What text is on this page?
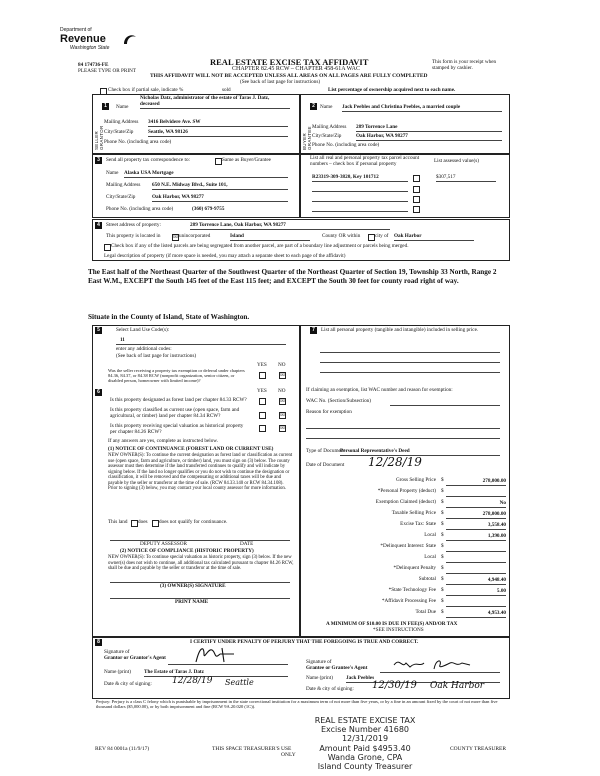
Department of
Revenue
Washington State
84 174736-FE
PLEASE TYPE OR PRINT
REAL ESTATE EXCISE TAX AFFIDAVIT
CHAPTER 82.45 RCW – CHAPTER 458-61A WAC
THIS AFFIDAVIT WILL NOT BE ACCEPTED UNLESS ALL AREAS ON ALL PAGES ARE FULLY COMPLETED
(See back of last page for instructions)
This form is your receipt when stamped by cashier.
Check box if partial sale, indicate %	sold	List percentage of ownership acquired next to each name.
1
SELLER GRANTOR
Name
Nicholas Datz, administrator of the estate of Taras J. Datz, deceased
Mailing Address 3416 Belvidere Ave. SW
City/State/Zip	Seattle, WA 98126
Phone No. (including area code)
2
BUYER GRANTEE
Name Jack Peebles and Christina Peebles, a married couple
Mailing Address 289 Torrence Lane
City/State/Zip	Oak Harbor, WA 98277
Phone No. (including area code)
3	Send all property tax correspondence to:	Same as Buyer/Grantee
Name Alaska USA Mortgage
Mailing Address 650 N.E. Midway Blvd., Suite 101,
City/State/Zip	Oak Harbor, WA 98277
Phone No. (including area code)	(360) 679-9755
List all real and personal property tax parcel account numbers – check box if personal property	List assessed value(s)
R23319-309-3820, Key 101712	$307,517
4	Street address of property:	289 Torrence Lane, Oak Harbor, WA 98277
This property is located in	☒ unincorporated	Island	County OR within	city of Oak Harbor
Check box if any of the listed parcels are being segregated from another parcel, are part of a boundary line adjustment or parcels being merged.
Legal description of property (if more space is needed, you may attach a separate sheet to each page of the affidavit)
The East half of the Northeast Quarter of the Southwest Quarter of the Northeast Quarter of Section 19, Township 33 North, Range 2 East W.M., EXCEPT the South 145 feet of the East 115 feet; and EXCEPT the South 30 feet for county road right of way.
Situate in the County of Island, State of Washington.
5	Select Land Use Code(s):
11
enter any additional codes:
(See back of last page for instructions)
YES NO
Was the seller receiving a property tax exemption or deferral under chapters 84.36, 84.37, or 84.38 RCW (nonprofit organization, senior citizen, or disabled person, homeowner with limited income)?
☒
6	YES NO
Is this property designated as forest land per chapter 84.33 RCW?	☒
Is this property classified as current use (open space, farm and agricultural, or timber) land per chapter 84.34 RCW?	☒
Is this property receiving special valuation as historical property per chapter 84.26 RCW?
☒
If any answers are yes, complete as instructed below.
(1) NOTICE OF CONTINUANCE (FOREST LAND OR CURRENT USE)
NEW OWNER(S): To continue the current designation as forest land or classification as current use (open space, farm and agriculture, or timber) land, you must sign on (3) below. The county assessor must then determine if the land transferred continues to qualify and will indicate by signing below. If the land no longer qualifies or you do not wish to continue the designation or classification, it will be removed and the compensating or additional taxes will be due and payable by the seller or transferor at the time of sale. (RCW 84.33.140 or RCW 84.34.108). Prior to signing (3) below, you may contact your local county assessor for more information.
This land does does not qualify for continuance.
DEPUTY ASSESSOR	DATE
(2) NOTICE OF COMPLIANCE (HISTORIC PROPERTY)
NEW OWNER(S): To continue special valuation as historic property, sign (3) below. If the new owner(s) does not wish to continue, all additional tax calculated pursuant to chapter 84.26 RCW, shall be due and payable by the seller or transferor at the time of sale.
(3) OWNER(S) SIGNATURE
PRINT NAME
7	List all personal property (tangible and intangible) included in selling price.
If claiming an exemption, list WAC number and reason for exemption:
WAC No. (Section/Subsection)
Reason for exemption
Type of Document
Personal Representative's Deed
Date of Document 12/28/19
Gross Selling Price $	278,000.00
*Personal Property (deduct) $
Exemption Claimed (deduct) $	No
Taxable Selling Price $	278,000.00
Excise Tax: State $	3,558.40
Local $	1,390.00
*Delinquent Interest: State $
Local $
*Delinquent Penalty $
Subtotal $	4,948.40
*State Technology Fee $	5.00
*Affidavit Processing Fee $
Total Due $	4,953.40
A MINIMUM OF $10.00 IS DUE IN FEE(S) AND/OR TAX
*SEE INSTRUCTIONS
8	I CERTIFY UNDER PENALTY OF PERJURY THAT THE FOREGOING IS TRUE AND CORRECT.
Signature of
Grantor or Grantor's Agent
Name (print)	The Estate of Taras J. Datz
Date & city of signing: 12/28/19 Seattle
Signature of
Grantee or Grantee's Agent
Name (print)	Jack Peebles
Date & city of signing: 12/30/19 Oak Harbor
Perjury: Perjury is a class C felony which is punishable by imprisonment in the state correctional institution for a maximum term of not more than five years, or by a fine in an amount fixed by the court of not more than five thousand dollars ($5,000.00), or by both imprisonment and fine (RCW 9A.20.020 (1C)).
REV 84 0001a (11/9/17)	THIS SPACE TREASURER'S USE
ONLY
COUNTY TREASURER
REAL ESTATE EXCISE TAX
Excise Number 41680
12/31/2019
Amount Paid $4953.40
Wanda Grone, CPA
Island County Treasurer
